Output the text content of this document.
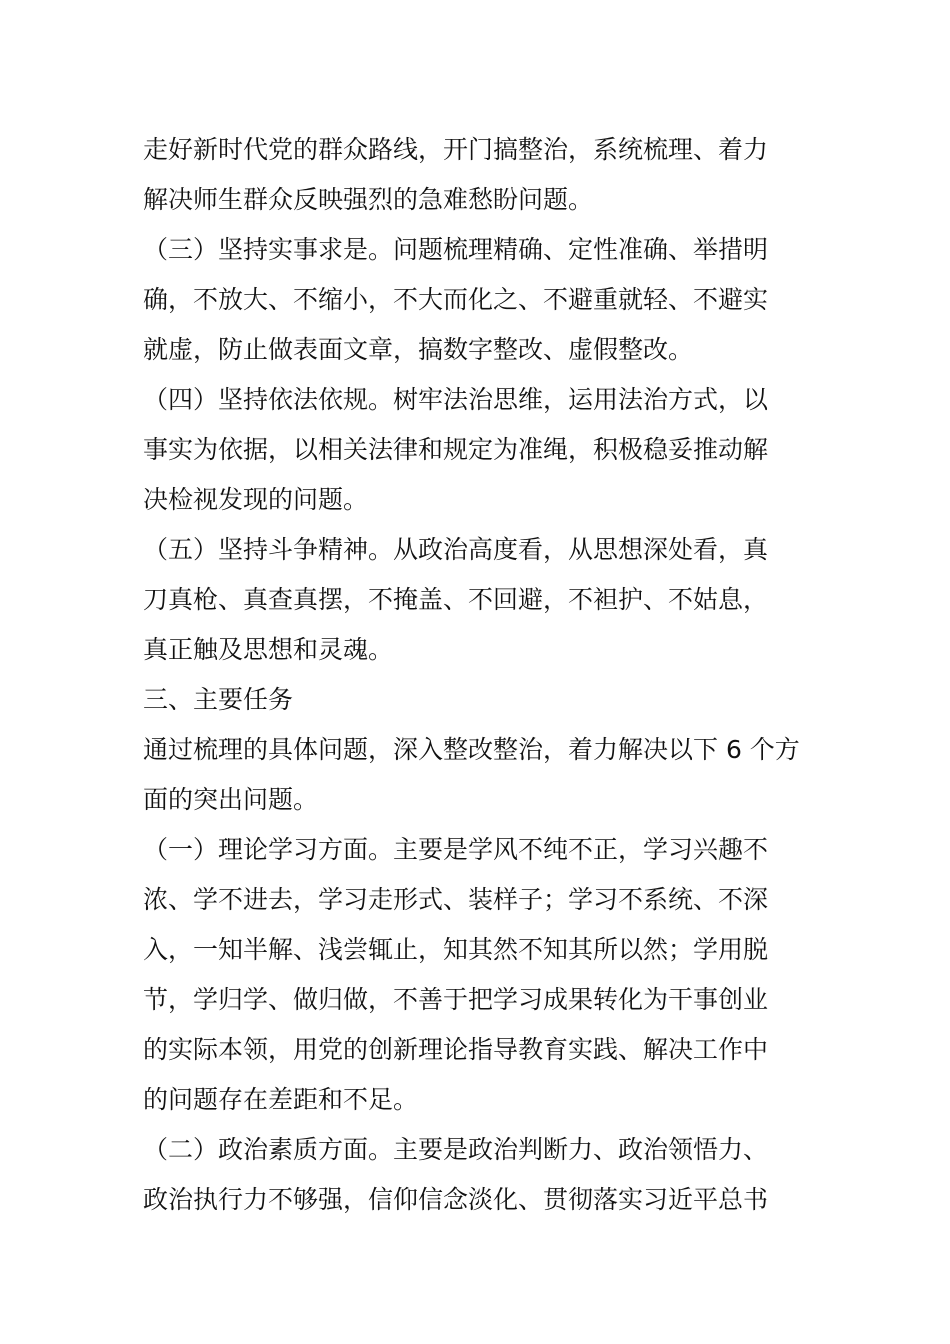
走好新时代党的群众路线，开门搞整治，系统梳理、着力
解决师生群众反映强烈的急难愁盼问题。
（三）坚持实事求是。问题梳理精确、定性准确、举措明
确，不放大、不缩小，不大而化之、不避重就轻、不避实
就虚，防止做表面文章，搞数字整改、虚假整改。
（四）坚持依法依规。树牢法治思维，运用法治方式，以
事实为依据，以相关法律和规定为准绳，积极稳妥推动解
决检视发现的问题。
（五）坚持斗争精神。从政治高度看，从思想深处看，真
刀真枪、真查真摆，不掩盖、不回避，不袒护、不姑息，
真正触及思想和灵魂。
三、主要任务
通过梳理的具体问题，深入整改整治，着力解决以下 6 个方
面的突出问题。
（一）理论学习方面。主要是学风不纯不正，学习兴趣不
浓、学不进去，学习走形式、装样子；学习不系统、不深
入，一知半解、浅尝辄止，知其然不知其所以然；学用脱
节，学归学、做归做，不善于把学习成果转化为干事创业
的实际本领，用党的创新理论指导教育实践、解决工作中
的问题存在差距和不足。
（二）政治素质方面。主要是政治判断力、政治领悟力、
政治执行力不够强，信仰信念淡化、贯彻落实习近平总书
